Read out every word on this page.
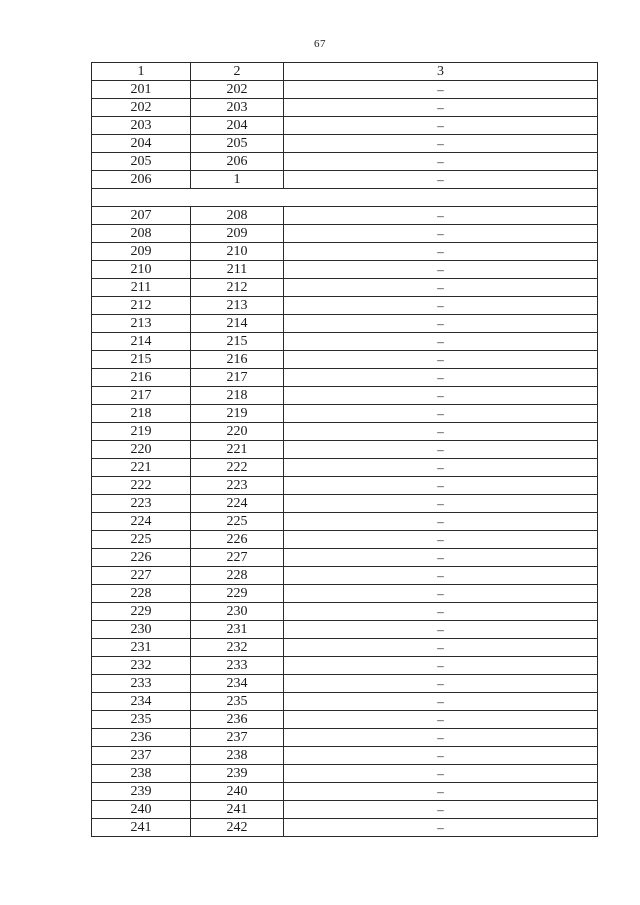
67
1	2	3
201	202	–
202	203	–
203	204	–
204	205	–
205	206	–
206	1	–

207	208	–
208	209	–
209	210	–
210	211	–
211	212	–
212	213	–
213	214	–
214	215	–
215	216	–
216	217	–
217	218	–
218	219	–
219	220	–
220	221	–
221	222	–
222	223	–
223	224	–
224	225	–
225	226	–
226	227	–
227	228	–
228	229	–
229	230	–
230	231	–
231	232	–
232	233	–
233	234	–
234	235	–
235	236	–
236	237	–
237	238	–
238	239	–
239	240	–
240	241	–
241	242	–
